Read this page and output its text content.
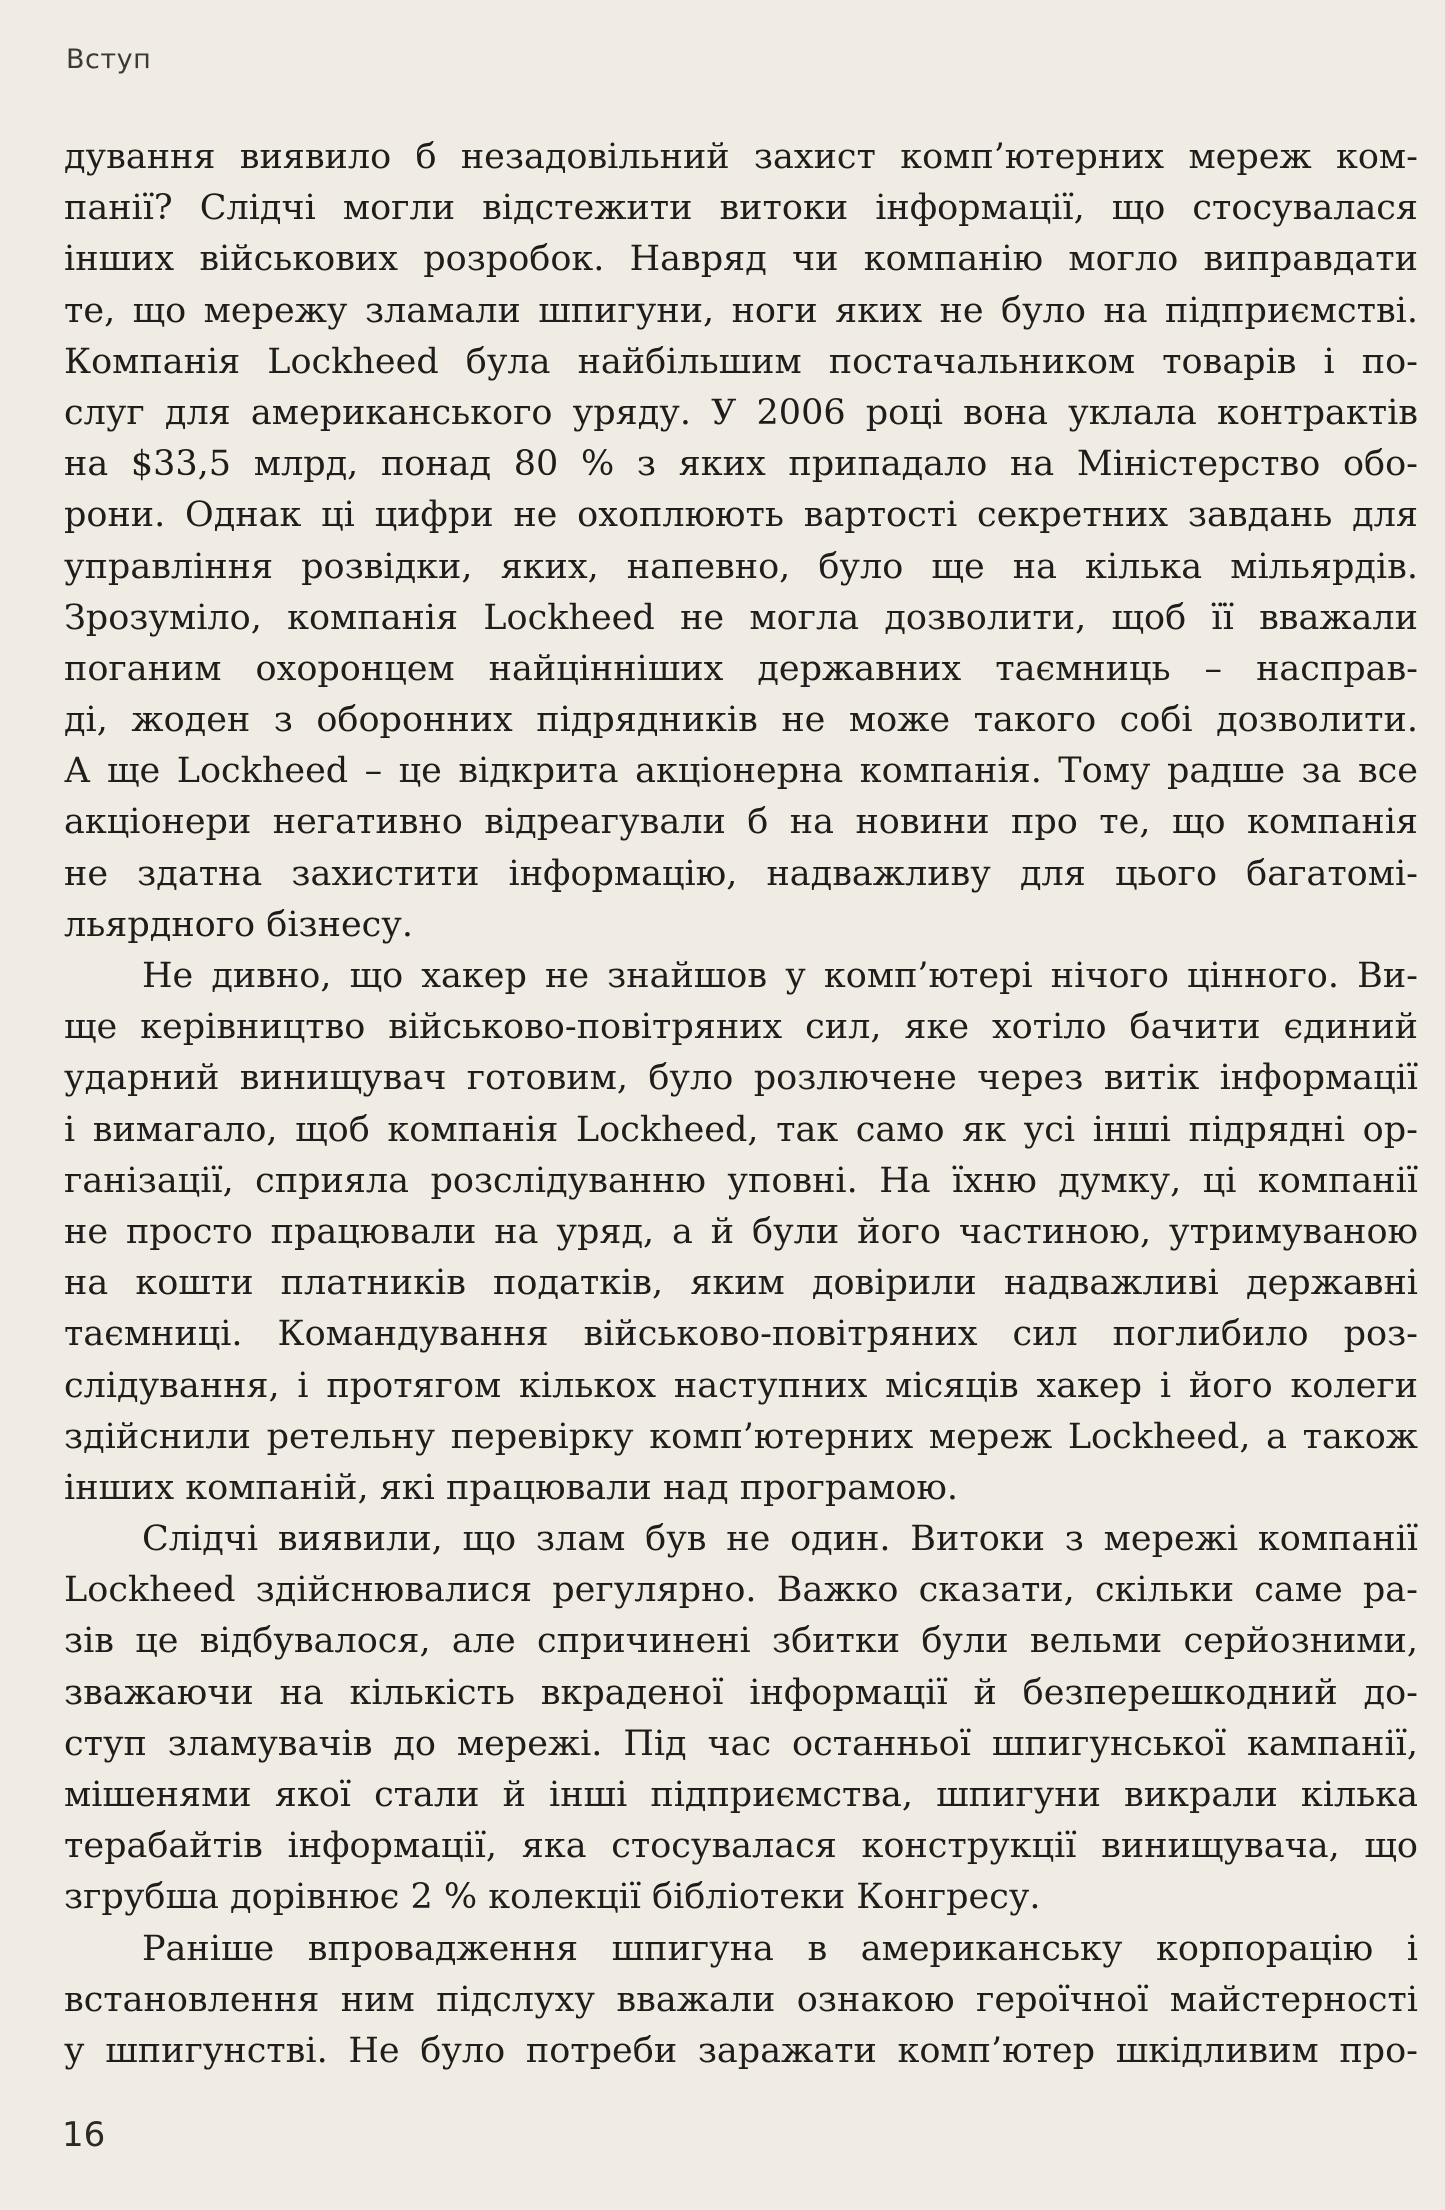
Вступ
дування виявило б незадовільний захист комп’ютерних мереж ком-
панії? Слідчі могли відстежити витоки інформації, що стосувалася
інших військових розробок. Навряд чи компанію могло виправдати
те, що мережу зламали шпигуни, ноги яких не було на підприємстві.
Компанія Lockheed була найбільшим постачальником товарів і по-
слуг для американського уряду. У 2006 році вона уклала контрактів
на $33,5 млрд, понад 80 % з яких припадало на Міністерство обо-
рони. Однак ці цифри не охоплюють вартості секретних завдань для
управління розвідки, яких, напевно, було ще на кілька мільярдів.
Зрозуміло, компанія Lockheed не могла дозволити, щоб її вважали
поганим охоронцем найцінніших державних таємниць – насправ-
ді, жоден з оборонних підрядників не може такого собі дозволити.
А ще Lockheed – це відкрита акціонерна компанія. Тому радше за все
акціонери негативно відреагували б на новини про те, що компанія
не здатна захистити інформацію, надважливу для цього багатомі-
льярдного бізнесу.
Не дивно, що хакер не знайшов у комп’ютері нічого цінного. Ви-
ще керівництво військово-повітряних сил, яке хотіло бачити єдиний
ударний винищувач готовим, було розлючене через витік інформації
і вимагало, щоб компанія Lockheed, так само як усі інші підрядні ор-
ганізації, сприяла розслідуванню уповні. На їхню думку, ці компанії
не просто працювали на уряд, а й були його частиною, утримуваною
на кошти платників податків, яким довірили надважливі державні
таємниці. Командування військово-повітряних сил поглибило роз-
слідування, і протягом кількох наступних місяців хакер і його колеги
здійснили ретельну перевірку комп’ютерних мереж Lockheed, а також
інших компаній, які працювали над програмою.
Слідчі виявили, що злам був не один. Витоки з мережі компанії
Lockheed здійснювалися регулярно. Важко сказати, скільки саме ра-
зів це відбувалося, але спричинені збитки були вельми серйозними,
зважаючи на кількість вкраденої інформації й безперешкодний до-
ступ зламувачів до мережі. Під час останньої шпигунської кампанії,
мішенями якої стали й інші підприємства, шпигуни викрали кілька
терабайтів інформації, яка стосувалася конструкції винищувача, що
згрубша дорівнює 2 % колекції бібліотеки Конгресу.
Раніше впровадження шпигуна в американську корпорацію і
встановлення ним підслуху вважали ознакою героїчної майстерності
у шпигунстві. Не було потреби заражати комп’ютер шкідливим про-
16
